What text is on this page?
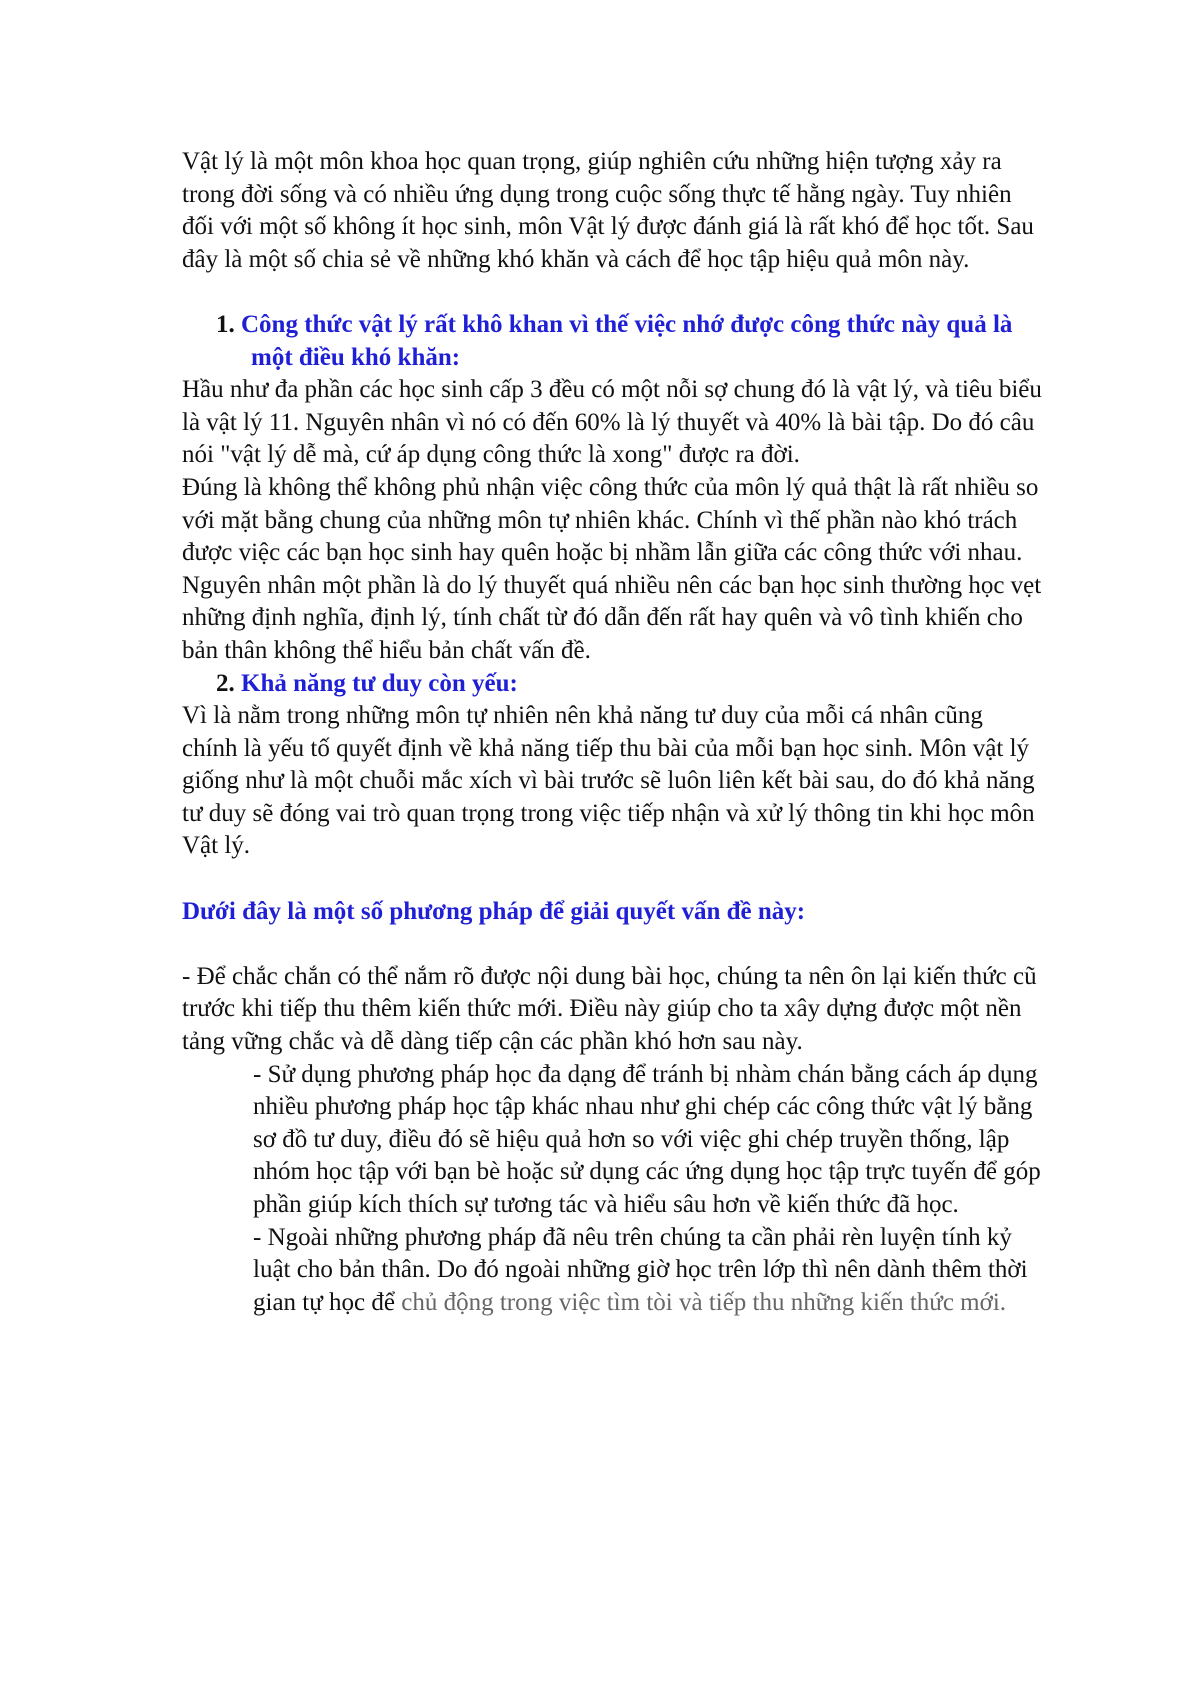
Vật lý là một môn khoa học quan trọng, giúp nghiên cứu những hiện tượng xảy ra trong đời sống và có nhiều ứng dụng trong cuộc sống thực tế hằng ngày. Tuy nhiên đối với một số không ít học sinh, môn Vật lý được đánh giá là rất khó để học tốt. Sau đây là một số chia sẻ về những khó khăn và cách để học tập hiệu quả môn này.

1. Công thức vật lý rất khô khan vì thế việc nhớ được công thức này quả là một điều khó khăn:

Hầu như đa phần các học sinh cấp 3 đều có một nỗi sợ chung đó là vật lý, và tiêu biểu là vật lý 11. Nguyên nhân vì nó có đến 60% là lý thuyết và 40% là bài tập. Do đó câu nói "vật lý dễ mà, cứ áp dụng công thức là xong" được ra đời.

Đúng là không thể không phủ nhận việc công thức của môn lý quả thật là rất nhiều so với mặt bằng chung của những môn tự nhiên khác. Chính vì thế phần nào khó trách được việc các bạn học sinh hay quên hoặc bị nhầm lẫn giữa các công thức với nhau. Nguyên nhân một phần là do lý thuyết quá nhiều nên các bạn học sinh thường học vẹt những định nghĩa, định lý, tính chất từ đó dẫn đến rất hay quên và vô tình khiến cho bản thân không thể hiểu bản chất vấn đề.

2. Khả năng tư duy còn yếu:

Vì là nằm trong những môn tự nhiên nên khả năng tư duy của mỗi cá nhân cũng chính là yếu tố quyết định về khả năng tiếp thu bài của mỗi bạn học sinh. Môn vật lý giống như là một chuỗi mắc xích vì bài trước sẽ luôn liên kết bài sau, do đó khả năng tư duy sẽ đóng vai trò quan trọng trong việc tiếp nhận và xử lý thông tin khi học môn Vật lý.

Dưới đây là một số phương pháp để giải quyết vấn đề này:

- Để chắc chắn có thể nắm rõ được nội dung bài học, chúng ta nên ôn lại kiến thức cũ trước khi tiếp thu thêm kiến thức mới. Điều này giúp cho ta xây dựng được một nền tảng vững chắc và dễ dàng tiếp cận các phần khó hơn sau này.

- Sử dụng phương pháp học đa dạng để tránh bị nhàm chán bằng cách áp dụng nhiều phương pháp học tập khác nhau như ghi chép các công thức vật lý bằng sơ đồ tư duy, điều đó sẽ hiệu quả hơn so với việc ghi chép truyền thống, lập nhóm học tập với bạn bè hoặc sử dụng các ứng dụng học tập trực tuyến để góp phần giúp kích thích sự tương tác và hiểu sâu hơn về kiến thức đã học.

- Ngoài những phương pháp đã nêu trên chúng ta cần phải rèn luyện tính kỷ luật cho bản thân. Do đó ngoài những giờ học trên lớp thì nên dành thêm thời gian tự học để chủ động trong việc tìm tòi và tiếp thu những kiến thức mới.
